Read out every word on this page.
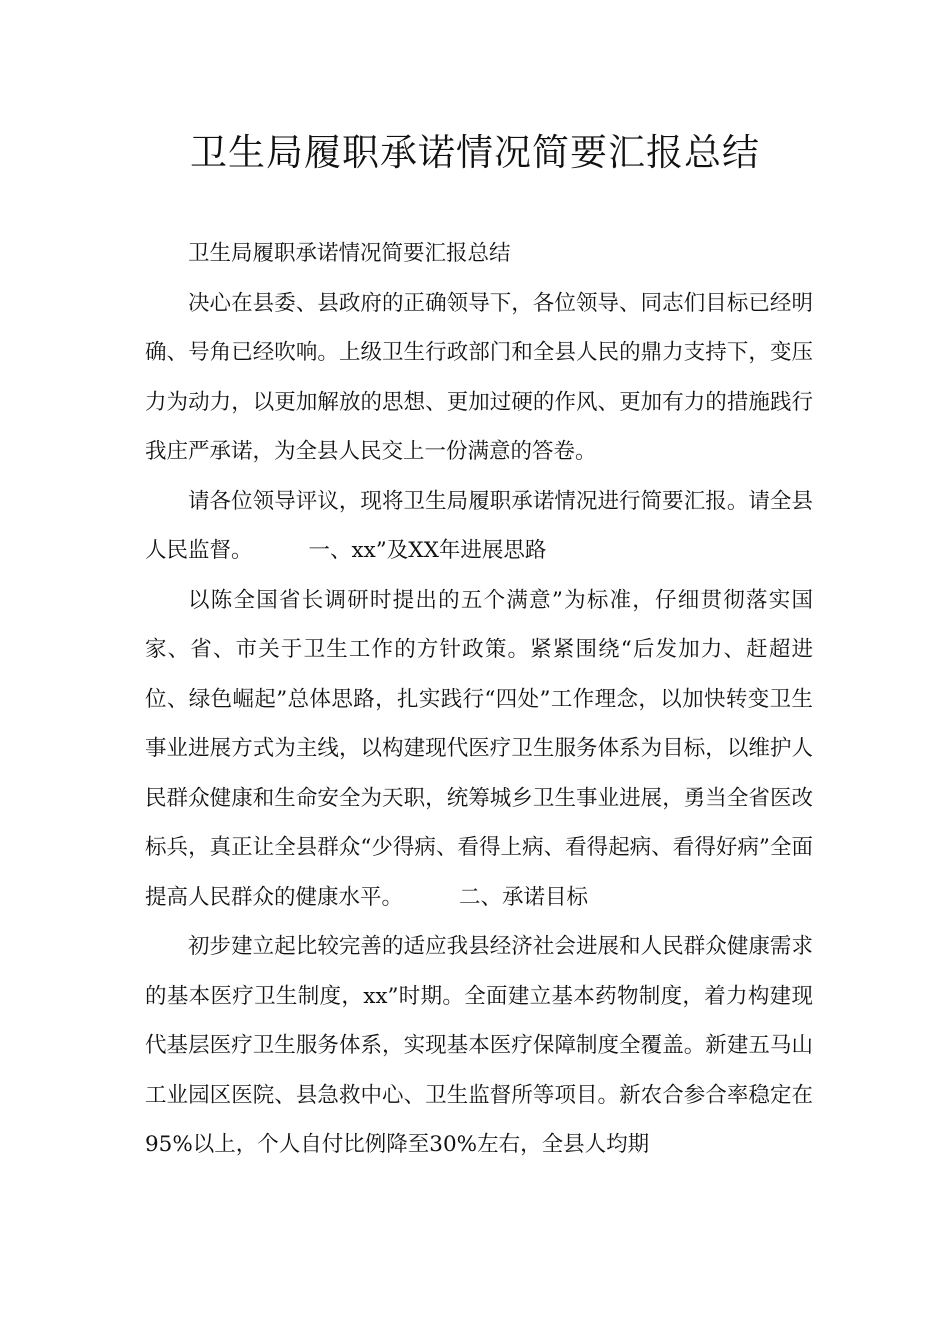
卫生局履职承诺情况简要汇报总结

卫生局履职承诺情况简要汇报总结

决心在县委、县政府的正确领导下，各位领导、同志们目标已经明确、号角已经吹响。上级卫生行政部门和全县人民的鼎力支持下，变压力为动力，以更加解放的思想、更加过硬的作风、更加有力的措施践行我庄严承诺，为全县人民交上一份满意的答卷。

请各位领导评议，现将卫生局履职承诺情况进行简要汇报。请全县人民监督。	一、xx”及XX年进展思路

以陈全国省长调研时提出的五个满意”为标准，仔细贯彻落实国家、省、市关于卫生工作的方针政策。紧紧围绕“后发加力、赶超进位、绿色崛起”总体思路，扎实践行“四处”工作理念，以加快转变卫生事业进展方式为主线，以构建现代医疗卫生服务体系为目标，以维护人民群众健康和生命安全为天职，统筹城乡卫生事业进展，勇当全省医改标兵，真正让全县群众“少得病、看得上病、看得起病、看得好病”全面提高人民群众的健康水平。	二、承诺目标

初步建立起比较完善的适应我县经济社会进展和人民群众健康需求的基本医疗卫生制度，xx”时期。全面建立基本药物制度，着力构建现代基层医疗卫生服务体系，实现基本医疗保障制度全覆盖。新建五马山工业园区医院、县急救中心、卫生监督所等项目。新农合参合率稳定在95%以上，个人自付比例降至30%左右，全县人均期
